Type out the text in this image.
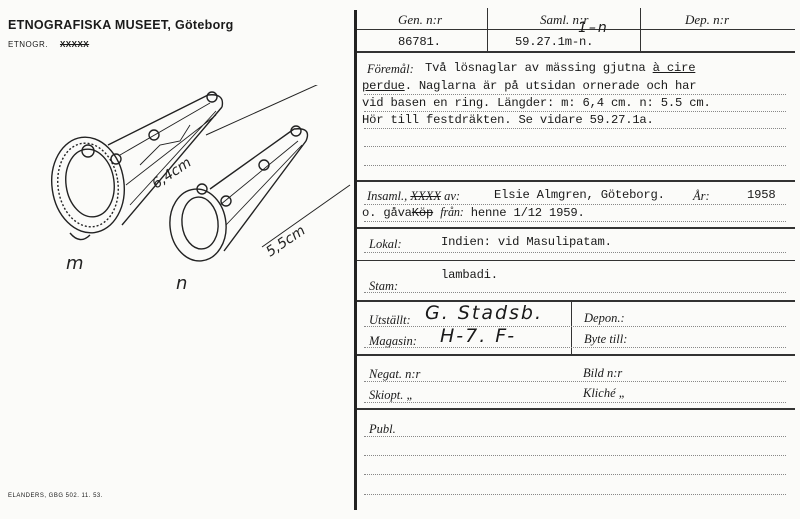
ETNOGRAFISKA MUSEET, Göteborg
ETNOGR. XXXXX
6,4cm
5,5cm
m
n
ELANDERS, GBG 502. 11. 53.
Gen. n:r	Saml. n:r	Dep. n:r
86781.	59.27.1m-n.
1–n
Föremål: Två lösnaglar av mässing gjutna à cire
perdue. Naglarna är på utsidan ornerade och har
vid basen en ring. Längder: m: 6,4 cm. n: 5.5 cm.
Hör till festdräkten. Se vidare 59.27.1a.
Insaml., XXXX av:	Elsie Almgren, Göteborg. År:	1958
o. gåvaKöp från: henne 1/12 1959.
Lokal:	Indien: vid Masulipatam.
Stam:
lambadi.
Utställt: G. Stadsb.	Depon.:
Magasin: H-7. F-	Byte till:
Negat. n:r	Bild n:r
Skiopt. „	Kliché „
Publ.
